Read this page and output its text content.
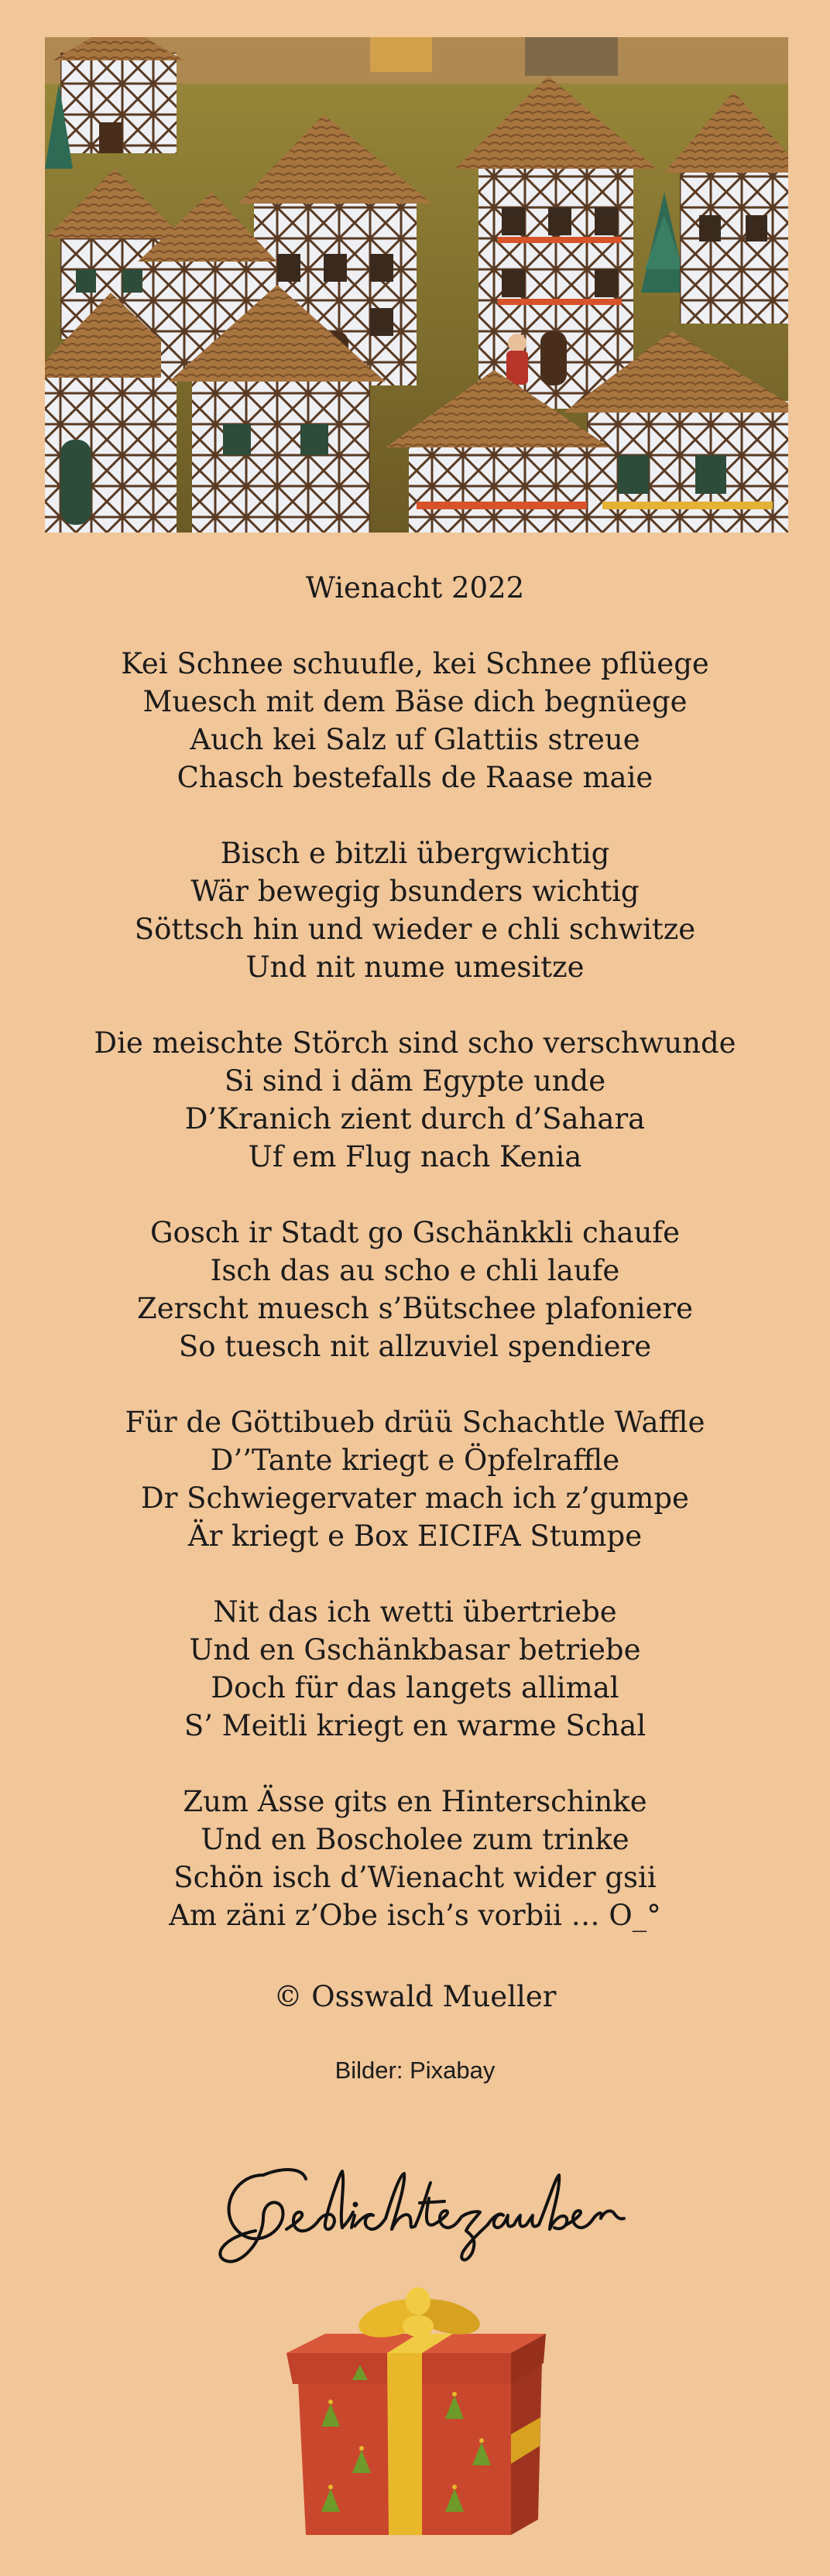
Wienacht 2022
Kei Schnee schuufle, kei Schnee pflüege
Muesch mit dem Bäse dich begnüege
Auch kei Salz uf Glattiis streue
Chasch bestefalls de Raase maie
Bisch e bitzli übergwichtig
Wär bewegig bsunders wichtig
Söttsch hin und wieder e chli schwitze
Und nit nume umesitze
Die meischte Störch sind scho verschwunde
Si sind i däm Egypte unde
D’Kranich zient durch d’Sahara
Uf em Flug nach Kenia
Gosch ir Stadt go Gschänkkli chaufe
Isch das au scho e chli laufe
Zerscht muesch s’Bütschee plafoniere
So tuesch nit allzuviel spendiere
Für de Göttibueb drüü Schachtle Waffle
D’’Tante kriegt e Öpfelraffle
Dr Schwiegervater mach ich z’gumpe
Är kriegt e Box EICIFA Stumpe
Nit das ich wetti übertriebe
Und en Gschänkbasar betriebe
Doch für das langets allimal
S’ Meitli kriegt en warme Schal
Zum Ässe gits en Hinterschinke
Und en Boscholee zum trinke
Schön isch d’Wienacht wider gsii
Am zäni z’Obe isch’s vorbii … O_°
© Osswald Mueller
Bilder: Pixabay
